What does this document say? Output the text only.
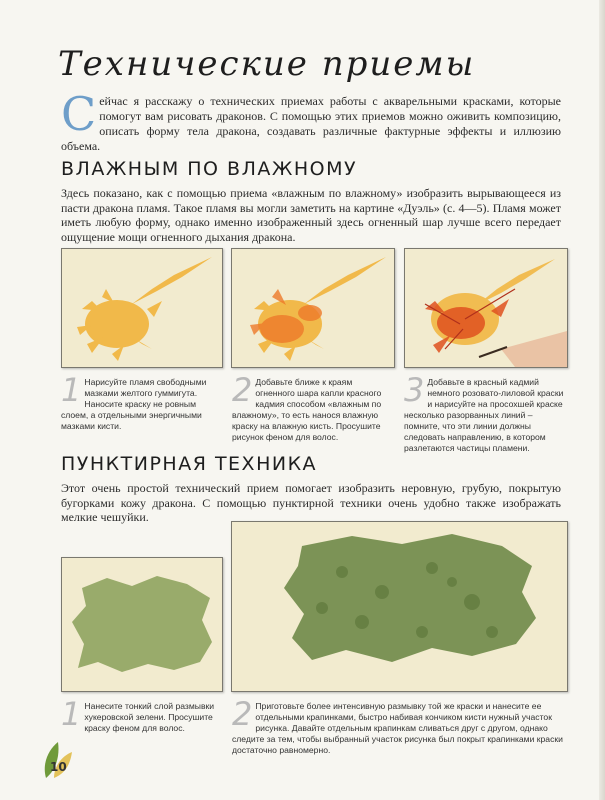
Технические приемы
Сейчас я расскажу о технических приемах работы с акварельными красками, которые помогут вам рисовать драконов. С помощью этих приемов можно оживить композицию, описать форму тела дракона, создавать различные фактурные эффекты и иллюзию объема.
ВЛАЖНЫМ ПО ВЛАЖНОМУ
Здесь показано, как с помощью приема «влажным по влажному» изобразить вырывающееся из пасти дракона пламя. Такое пламя вы могли заметить на картине «Дуэль» (с. 4—5). Пламя может иметь любую форму, однако именно изображенный здесь огненный шар лучше всего передает ощущение мощи огненного дыхания дракона.
1 Нарисуйте пламя свободными мазками желтого гуммигута. Наносите краску не ровным слоем, а отдельными энергичными мазками кисти.
2 Добавьте ближе к краям огненного шара капли красного кадмия способом «влажным по влажному», то есть нанося влажную краску на влажную кисть. Просушите рисунок феном для волос.
3 Добавьте в красный кадмий немного розовато-лиловой краски и нарисуйте на просохшей краске несколько разорванных линий – помните, что эти линии должны следовать направлению, в котором разлетаются частицы пламени.
ПУНКТИРНАЯ ТЕХНИКА
Этот очень простой технический прием помогает изобразить неровную, грубую, покрытую бугорками кожу дракона. С помощью пунктирной техники очень удобно также изображать мелкие чешуйки.
1 Нанесите тонкий слой размывки хукеровской зелени. Просушите краску феном для волос.	2 Приготовьте более интенсивную размывку той же краски и нанесите ее отдельными крапинками, быстро набивая кончиком кисти нужный участок рисунка. Давайте отдельным крапинкам сливаться друг с другом, однако следите за тем, чтобы выбранный участок рисунка был покрыт крапинками краски достаточно равномерно.
10
